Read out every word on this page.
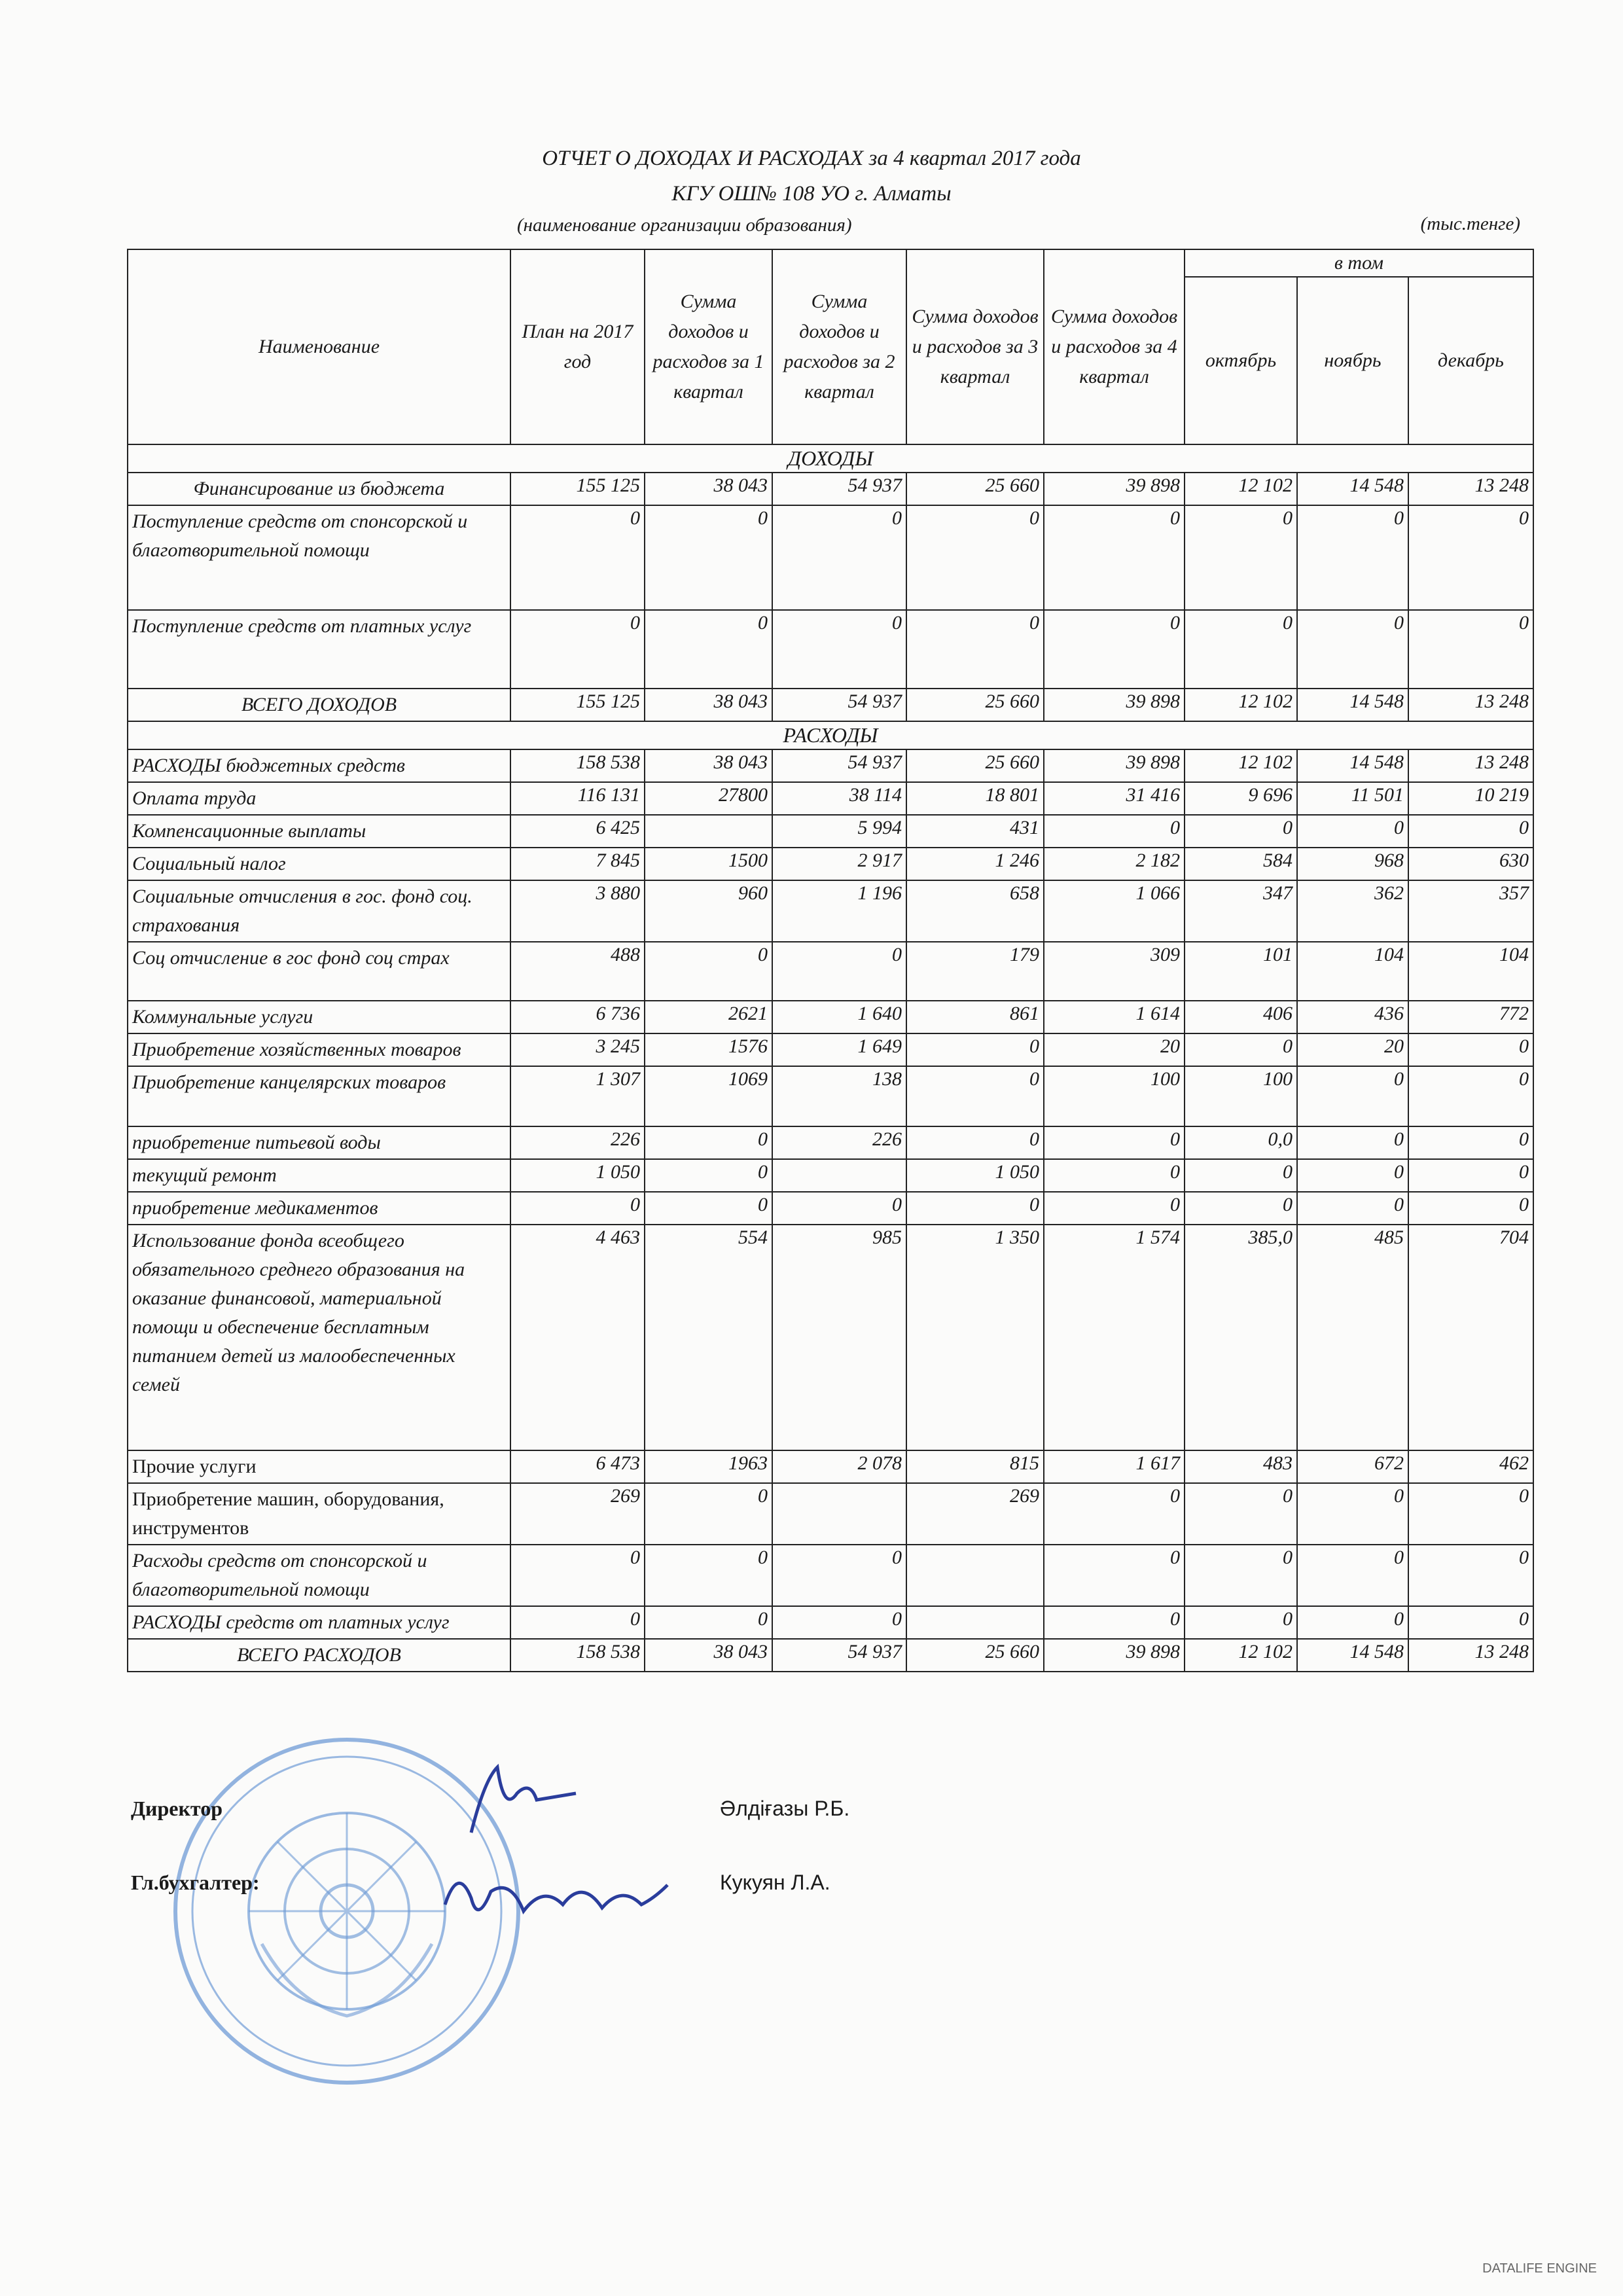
ОТЧЕТ О ДОХОДАХ И РАСХОДАХ за 4 квартал 2017 года
КГУ ОШ№ 108 УО г. Алматы
(наименование организации образования)	(тыс.тенге)
Наименование	План на 2017 год	Сумма доходов и расходов за 1 квартал	Сумма доходов и расходов за 2 квартал	Сумма доходов и расходов за 3 квартал	Сумма доходов и расходов за 4 квартал	в том		
						октябрь	ноябрь	декабрь
ДОХОДЫ								
Финансирование из бюджета	155 125	38 043	54 937	25 660	39 898	12 102	14 548	13 248
Поступление средств от спонсорской и благотворительной помощи	0	0	0	0	0	0	0	0
Поступление средств от платных услуг	0	0	0	0	0	0	0	0
ВСЕГО ДОХОДОВ	155 125	38 043	54 937	25 660	39 898	12 102	14 548	13 248
РАСХОДЫ								
РАСХОДЫ бюджетных средств	158 538	38 043	54 937	25 660	39 898	12 102	14 548	13 248
Оплата труда	116 131	27800	38 114	18 801	31 416	9 696	11 501	10 219
Компенсационные выплаты	6 425		5 994	431	0	0	0	0
Социальный налог	7 845	1500	2 917	1 246	2 182	584	968	630
Социальные отчисления в гос. фонд соц. страхования	3 880	960	1 196	658	1 066	347	362	357
Соц отчисление в гос фонд соц страх	488	0	0	179	309	101	104	104
Коммунальные услуги	6 736	2621	1 640	861	1 614	406	436	772
Приобретение хозяйственных товаров	3 245	1576	1 649	0	20	0	20	0
Приобретение канцелярских товаров	1 307	1069	138	0	100	100	0	0
приобретение питьевой воды	226	0	226	0	0	0,0	0	0
текущий ремонт	1 050	0		1 050	0	0	0	0
приобретение медикаментов	0	0	0	0	0	0	0	0
Использование фонда всеобщего обязательного среднего образования на оказание финансовой, материальной помощи и обеспечение бесплатным питанием детей из малообеспеченных семей	4 463	554	985	1 350	1 574	385,0	485	704
Прочие услуги	6 473	1963	2 078	815	1 617	483	672	462
Приобретение машин, оборудования, инструментов	269	0		269	0	0	0	0
Расходы средств от спонсорской и благотворительной помощи	0	0	0		0	0	0	0
РАСХОДЫ средств от платных услуг	0	0	0		0	0	0	0
ВСЕГО РАСХОДОВ	158 538	38 043	54 937	25 660	39 898	12 102	14 548	13 248
Директор	Әлдіғазы Р.Б.
Гл.бухгалтер:	Кукуян Л.А.
DATALIFE ENGINE
